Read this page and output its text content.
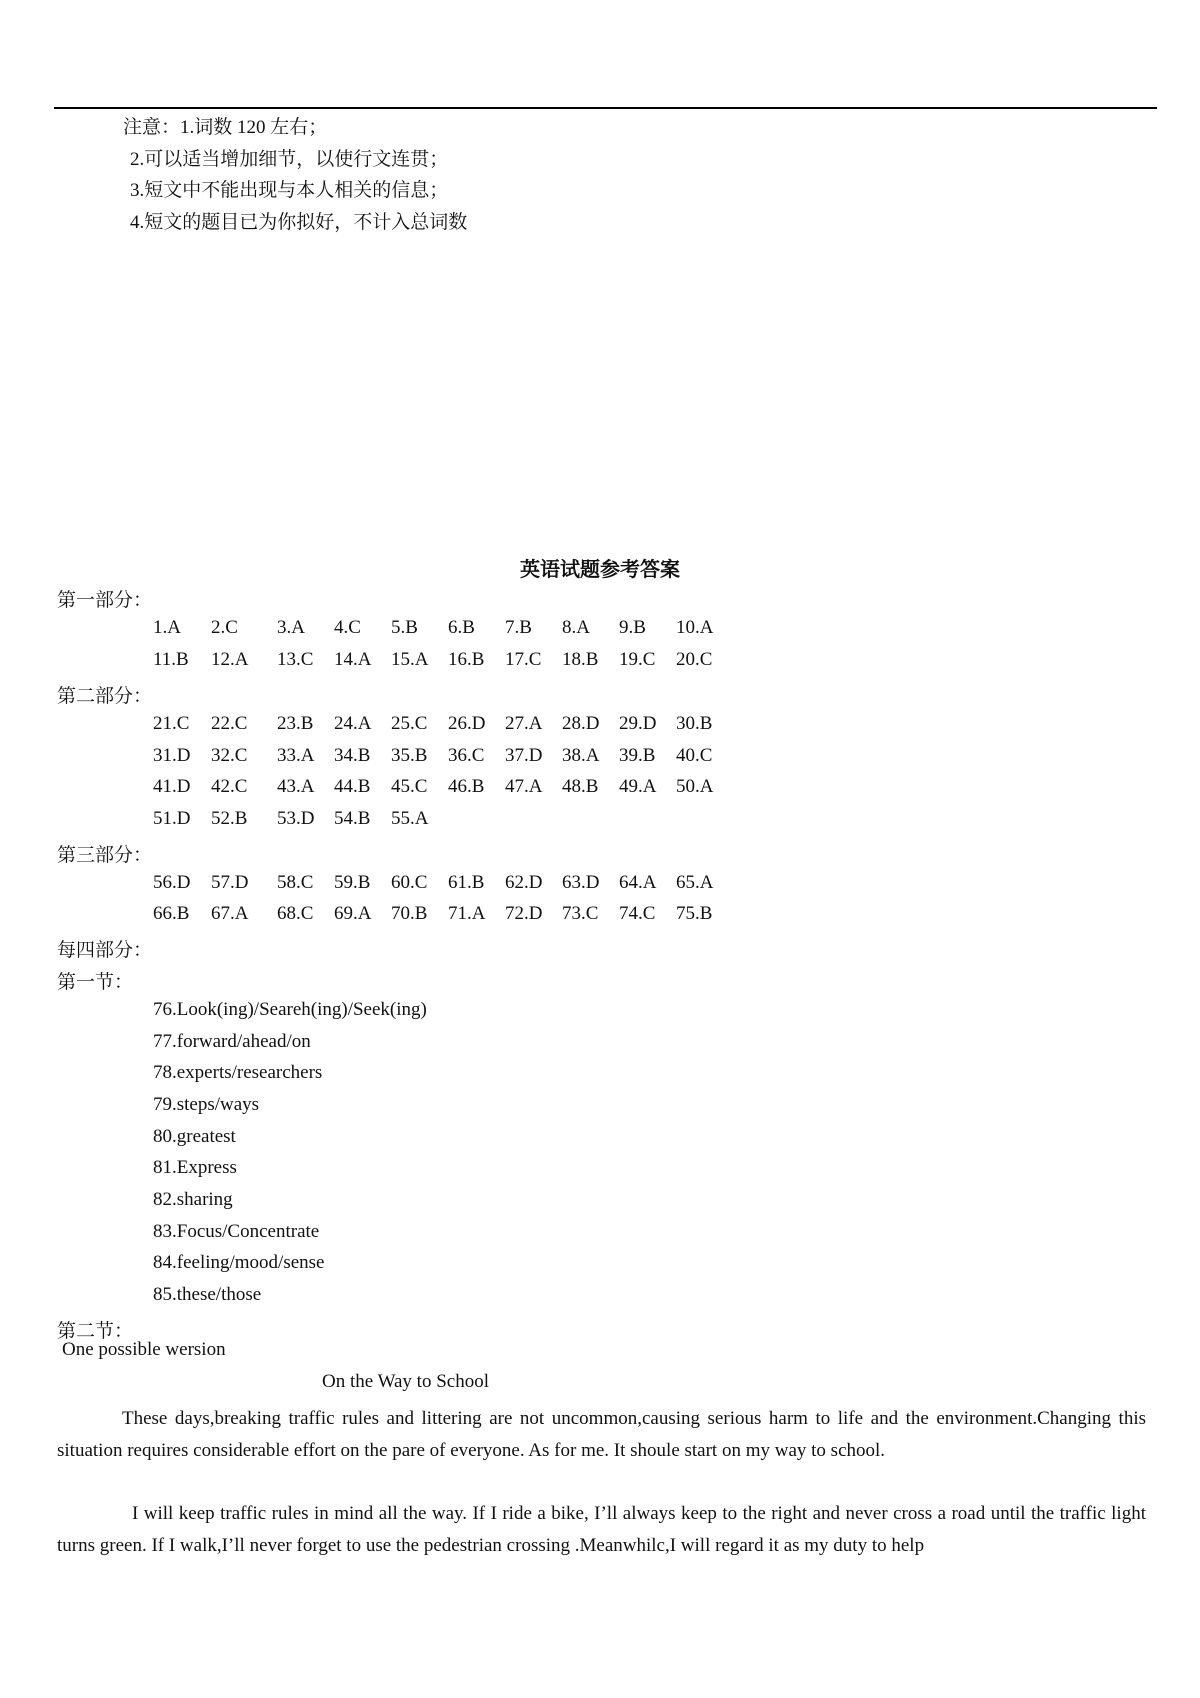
注意：1.词数 120 左右；
2.可以适当增加细节，以使行文连贯；
3.短文中不能出现与本人相关的信息；
4.短文的题目已为你拟好，不计入总词数
英语试题参考答案
第一部分：
1.A 2.C 3.A 4.C 5.B 6.B 7.B 8.A 9.B 10.A
11.B 12.A 13.C 14.A 15.A 16.B 17.C 18.B 19.C 20.C
第二部分：
21.C 22.C 23.B 24.A 25.C 26.D 27.A 28.D 29.D 30.B
31.D 32.C 33.A 34.B 35.B 36.C 37.D 38.A 39.B 40.C
41.D 42.C 43.A 44.B 45.C 46.B 47.A 48.B 49.A 50.A
51.D 52.B 53.D 54.B 55.A
第三部分：
56.D 57.D 58.C 59.B 60.C 61.B 62.D 63.D 64.A 65.A
66.B 67.A 68.C 69.A 70.B 71.A 72.D 73.C 74.C 75.B
每四部分：
第一节：
76.Look(ing)/Seareh(ing)/Seek(ing)
77.forward/ahead/on
78.experts/researchers
79.steps/ways
80.greatest
81.Express
82.sharing
83.Focus/Concentrate
84.feeling/mood/sense
85.these/those
第二节：
One possible wersion
On the Way to School

These days,breaking traffic rules and littering are not uncommon,causing serious harm to life and the environment.Changing this situation requires considerable effort on the pare of everyone. As for me. It shoule start on my way to school.

I will keep traffic rules in mind all the way. If I ride a bike, I’ll always keep to the right and never cross a road until the traffic light turns green. If I walk,I’ll never forget to use the pedestrian crossing .Meanwhilc,I will regard it as my duty to help
